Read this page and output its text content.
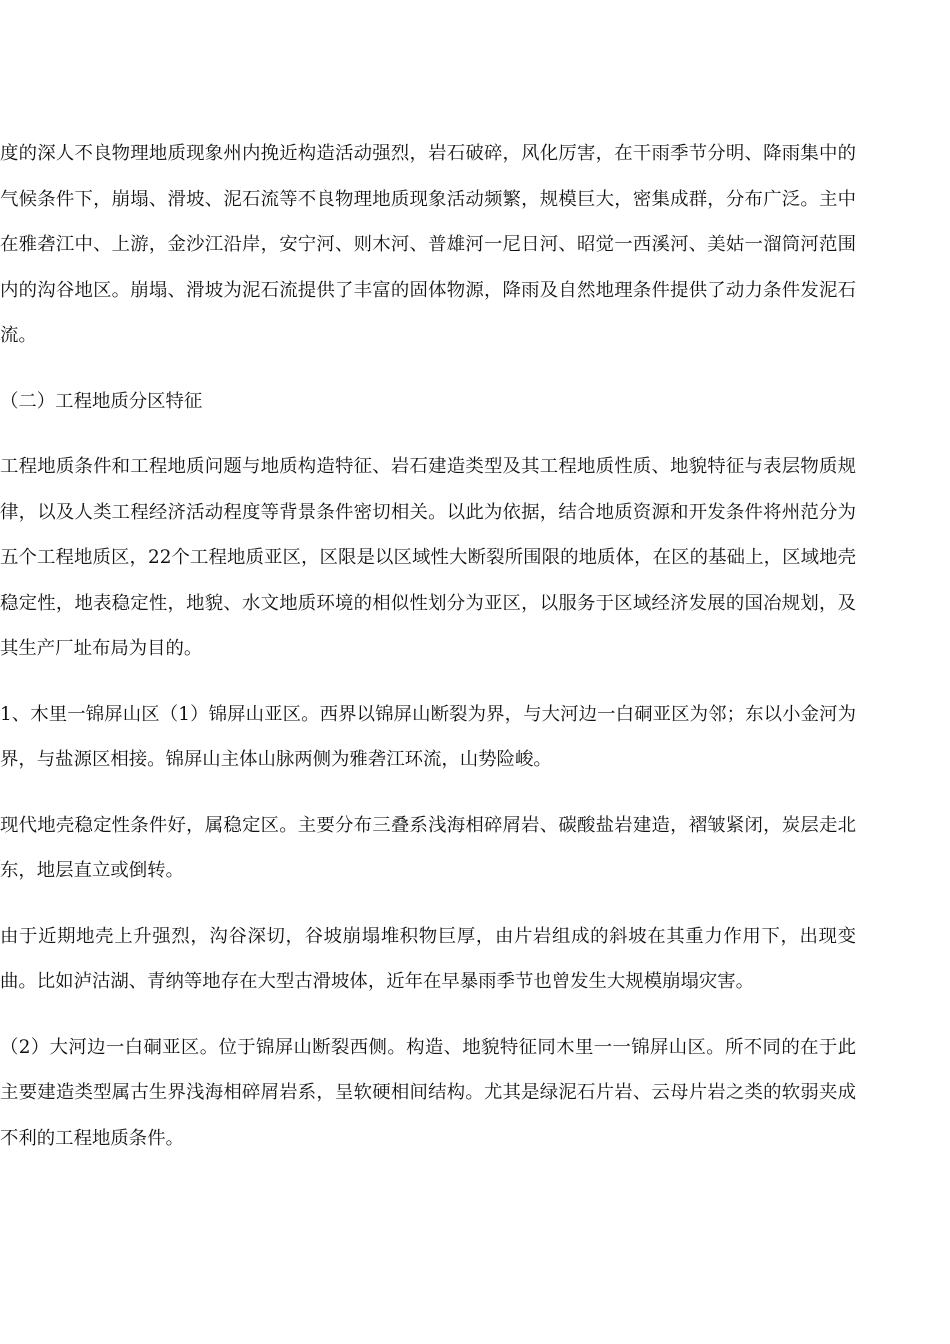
度的深人不良物理地质现象州内挽近构造活动强烈，岩石破碎，风化厉害，在干雨季节分明、降雨集中的气候条件下，崩塌、滑坡、泥石流等不良物理地质现象活动频繁，规模巨大，密集成群，分布广泛。主中在雅砻江中、上游，金沙江沿岸，安宁河、则木河、普雄河一尼日河、昭觉一西溪河、美姑一溜筒河范围内的沟谷地区。崩塌、滑坡为泥石流提供了丰富的固体物源，降雨及自然地理条件提供了动力条件发泥石流。

（二）工程地质分区特征

工程地质条件和工程地质问题与地质构造特征、岩石建造类型及其工程地质性质、地貌特征与表层物质规律，以及人类工程经济活动程度等背景条件密切相关。以此为依据，结合地质资源和开发条件将州范分为五个工程地质区，22个工程地质亚区，区限是以区域性大断裂所围限的地质体，在区的基础上，区域地壳稳定性，地表稳定性，地貌、水文地质环境的相似性划分为亚区，以服务于区域经济发展的国冶规划，及其生产厂址布局为目的。

1、木里一锦屏山区（1）锦屏山亚区。西界以锦屏山断裂为界，与大河边一白硐亚区为邻；东以小金河为界，与盐源区相接。锦屏山主体山脉两侧为雅砻江环流，山势险峻。

现代地壳稳定性条件好，属稳定区。主要分布三叠系浅海相碎屑岩、碳酸盐岩建造，褶皱紧闭，炭层走北东，地层直立或倒转。

由于近期地壳上升强烈，沟谷深切，谷坡崩塌堆积物巨厚，由片岩组成的斜坡在其重力作用下，出现变曲。比如泸沽湖、青纳等地存在大型古滑坡体，近年在早暴雨季节也曾发生大规模崩塌灾害。

（2）大河边一白硐亚区。位于锦屏山断裂西侧。构造、地貌特征同木里一一锦屏山区。所不同的在于此主要建造类型属古生界浅海相碎屑岩系，呈软硬相间结构。尤其是绿泥石片岩、云母片岩之类的软弱夹成不利的工程地质条件。
